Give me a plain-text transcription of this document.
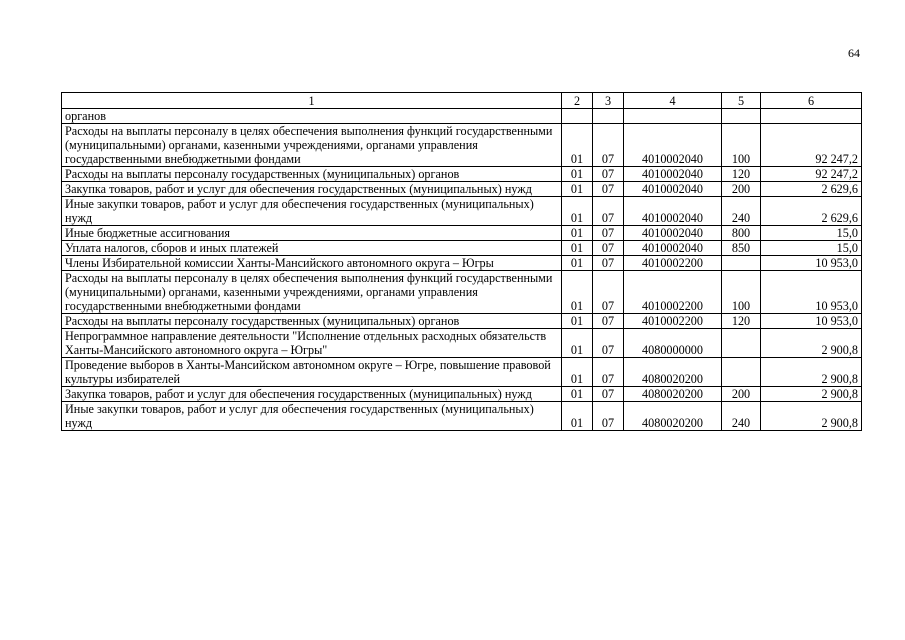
64
1	2	3	4	5	6
органов					
Расходы на выплаты персоналу в целях обеспечения выполнения функций государственными (муниципальными) органами, казенными учреждениями, органами управления государственными внебюджетными фондами	01	07	4010002040	100	92 247,2
Расходы на выплаты персоналу государственных (муниципальных) органов	01	07	4010002040	120	92 247,2
Закупка товаров, работ и услуг для обеспечения государственных (муниципальных) нужд	01	07	4010002040	200	2 629,6
Иные закупки товаров, работ и услуг для обеспечения государственных (муниципальных) нужд	01	07	4010002040	240	2 629,6
Иные бюджетные ассигнования	01	07	4010002040	800	15,0
Уплата налогов, сборов и иных платежей	01	07	4010002040	850	15,0
Члены Избирательной комиссии Ханты-Мансийского автономного округа – Югры	01	07	4010002200		10 953,0
Расходы на выплаты персоналу в целях обеспечения выполнения функций государственными (муниципальными) органами, казенными учреждениями, органами управления государственными внебюджетными фондами	01	07	4010002200	100	10 953,0
Расходы на выплаты персоналу государственных (муниципальных) органов	01	07	4010002200	120	10 953,0
Непрограммное направление деятельности "Исполнение отдельных расходных обязательств Ханты-Мансийского автономного округа – Югры"	01	07	4080000000		2 900,8
Проведение выборов в Ханты-Мансийском автономном округе – Югре, повышение правовой культуры избирателей	01	07	4080020200		2 900,8
Закупка товаров, работ и услуг для обеспечения государственных (муниципальных) нужд	01	07	4080020200	200	2 900,8
Иные закупки товаров, работ и услуг для обеспечения государственных (муниципальных) нужд	01	07	4080020200	240	2 900,8
